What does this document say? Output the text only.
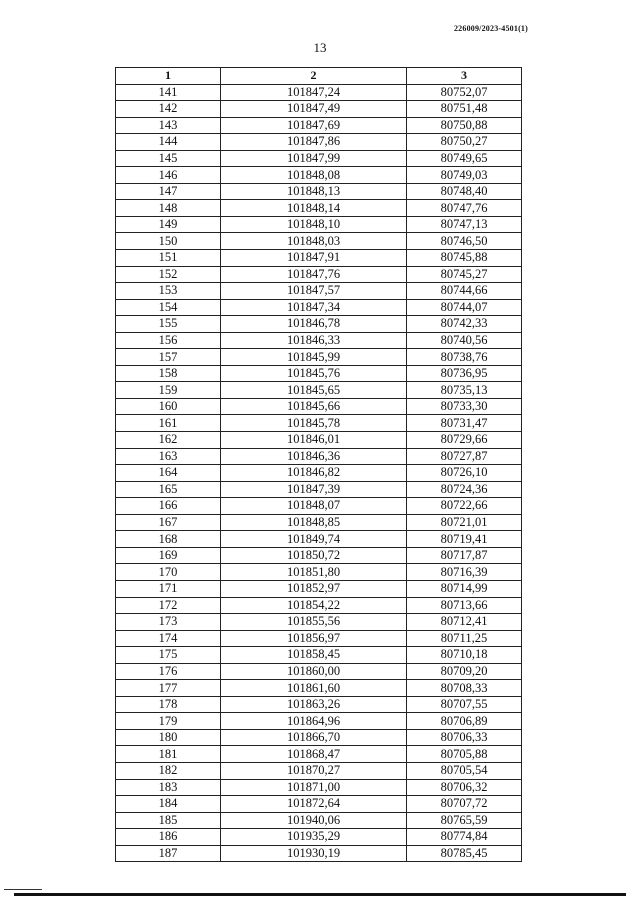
226009/2023-4501(1)
13
1	2	3
141	101847,24	80752,07
142	101847,49	80751,48
143	101847,69	80750,88
144	101847,86	80750,27
145	101847,99	80749,65
146	101848,08	80749,03
147	101848,13	80748,40
148	101848,14	80747,76
149	101848,10	80747,13
150	101848,03	80746,50
151	101847,91	80745,88
152	101847,76	80745,27
153	101847,57	80744,66
154	101847,34	80744,07
155	101846,78	80742,33
156	101846,33	80740,56
157	101845,99	80738,76
158	101845,76	80736,95
159	101845,65	80735,13
160	101845,66	80733,30
161	101845,78	80731,47
162	101846,01	80729,66
163	101846,36	80727,87
164	101846,82	80726,10
165	101847,39	80724,36
166	101848,07	80722,66
167	101848,85	80721,01
168	101849,74	80719,41
169	101850,72	80717,87
170	101851,80	80716,39
171	101852,97	80714,99
172	101854,22	80713,66
173	101855,56	80712,41
174	101856,97	80711,25
175	101858,45	80710,18
176	101860,00	80709,20
177	101861,60	80708,33
178	101863,26	80707,55
179	101864,96	80706,89
180	101866,70	80706,33
181	101868,47	80705,88
182	101870,27	80705,54
183	101871,00	80706,32
184	101872,64	80707,72
185	101940,06	80765,59
186	101935,29	80774,84
187	101930,19	80785,45
